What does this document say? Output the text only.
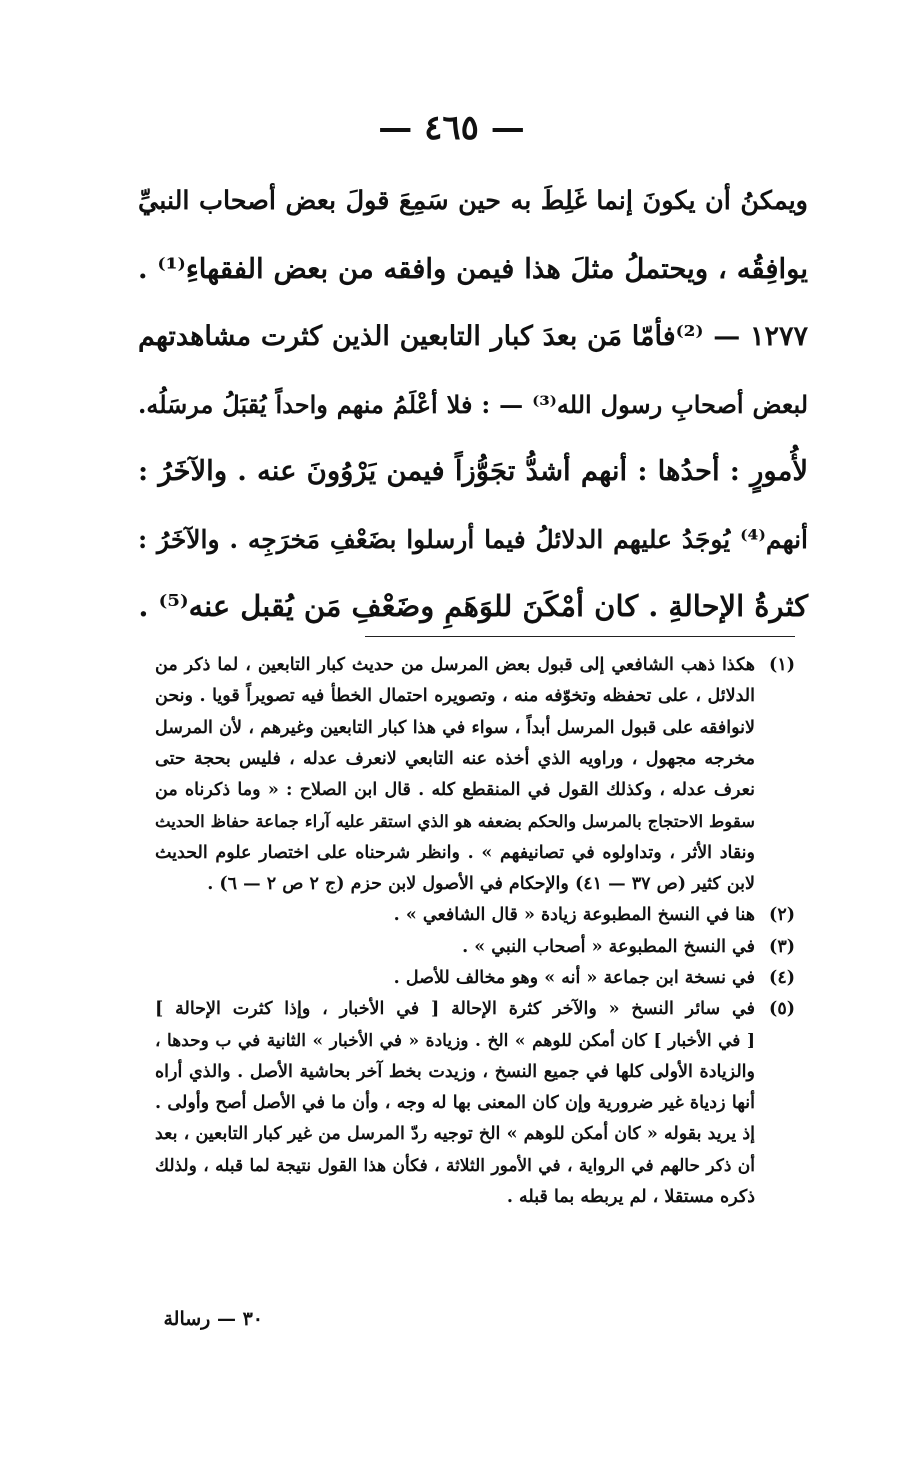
— ٤٦٥ —
ويمكنُ أن يكونَ إنما غَلِطَ به حين سَمِعَ قولَ بعض أصحاب النبيِّ
يوافِقُه ، ويحتملُ مثلَ هذا فيمن وافقه من بعض الفقهاءِ⁽¹⁾ .
١٢٧٧ — ⁽²⁾فأمّا مَن بعدَ كبار التابعين الذين كثرت مشاهدتهم
لبعض أصحابِ رسول الله⁽³⁾ — : فلا أعْلَمُ منهم واحداً يُقبَلُ مرسَلُه.
لأُمورٍ : أحدُها : أنهم أشدُّ تجَوُّزاً فيمن يَرْوُونَ عنه . والآخَرُ :
أنهم⁽⁴⁾ يُوجَدُ عليهم الدلائلُ فيما أرسلوا بضَعْفِ مَخرَجِه . والآخَرُ :
كثرةُ الإحالةِ . كان أمْكَنَ للوَهَمِ وضَعْفِ مَن يُقبل عنه⁽⁵⁾ .
(١)
هكذا ذهب الشافعي إلى قبول بعض المرسل من حديث كبار التابعين ، لما ذكر من
الدلائل ، على تحفظه وتخوّفه منه ، وتصويره احتمال الخطأ فيه تصويراً قويا . ونحن
لانوافقه على قبول المرسل أبداً ، سواء في هذا كبار التابعين وغيرهم ، لأن المرسل
مخرجه مجهول ، وراويه الذي أخذه عنه التابعي لانعرف عدله ، فليس بحجة حتى
نعرف عدله ، وكذلك القول في المنقطع كله . قال ابن الصلاح : « وما ذكرناه من
سقوط الاحتجاج بالمرسل والحكم بضعفه هو الذي استقر عليه آراء جماعة حفاظ الحديث
ونقاد الأثر ، وتداولوه في تصانيفهم » . وانظر شرحناه على اختصار علوم الحديث
لابن كثير (ص ٣٧ — ٤١) والإحكام في الأصول لابن حزم (ج ٢ ص ٢ — ٦) .
(٢)
هنا في النسخ المطبوعة زيادة « قال الشافعي » .
(٣)
في النسخ المطبوعة « أصحاب النبي » .
(٤)
في نسخة ابن جماعة « أنه » وهو مخالف للأصل .
(٥)
في سائر النسخ « والآخر كثرة الإحالة [ في الأخبار ، وإذا كثرت الإحالة ]
[ في الأخبار ] كان أمكن للوهم » الخ . وزيادة « في الأخبار » الثانية في ب وحدها ،
والزيادة الأولى كلها في جميع النسخ ، وزيدت بخط آخر بحاشية الأصل . والذي أراه
أنها زدياة غير ضرورية وإن كان المعنى بها له وجه ، وأن ما في الأصل أصح وأولى .
إذ يريد بقوله « كان أمكن للوهم » الخ توجيه ردّ المرسل من غير كبار التابعين ، بعد
أن ذكر حالهم في الرواية ، في الأمور الثلاثة ، فكأن هذا القول نتيجة لما قبله ، ولذلك
ذكره مستقلا ، لم يربطه بما قبله .
٣٠ — رسالة
